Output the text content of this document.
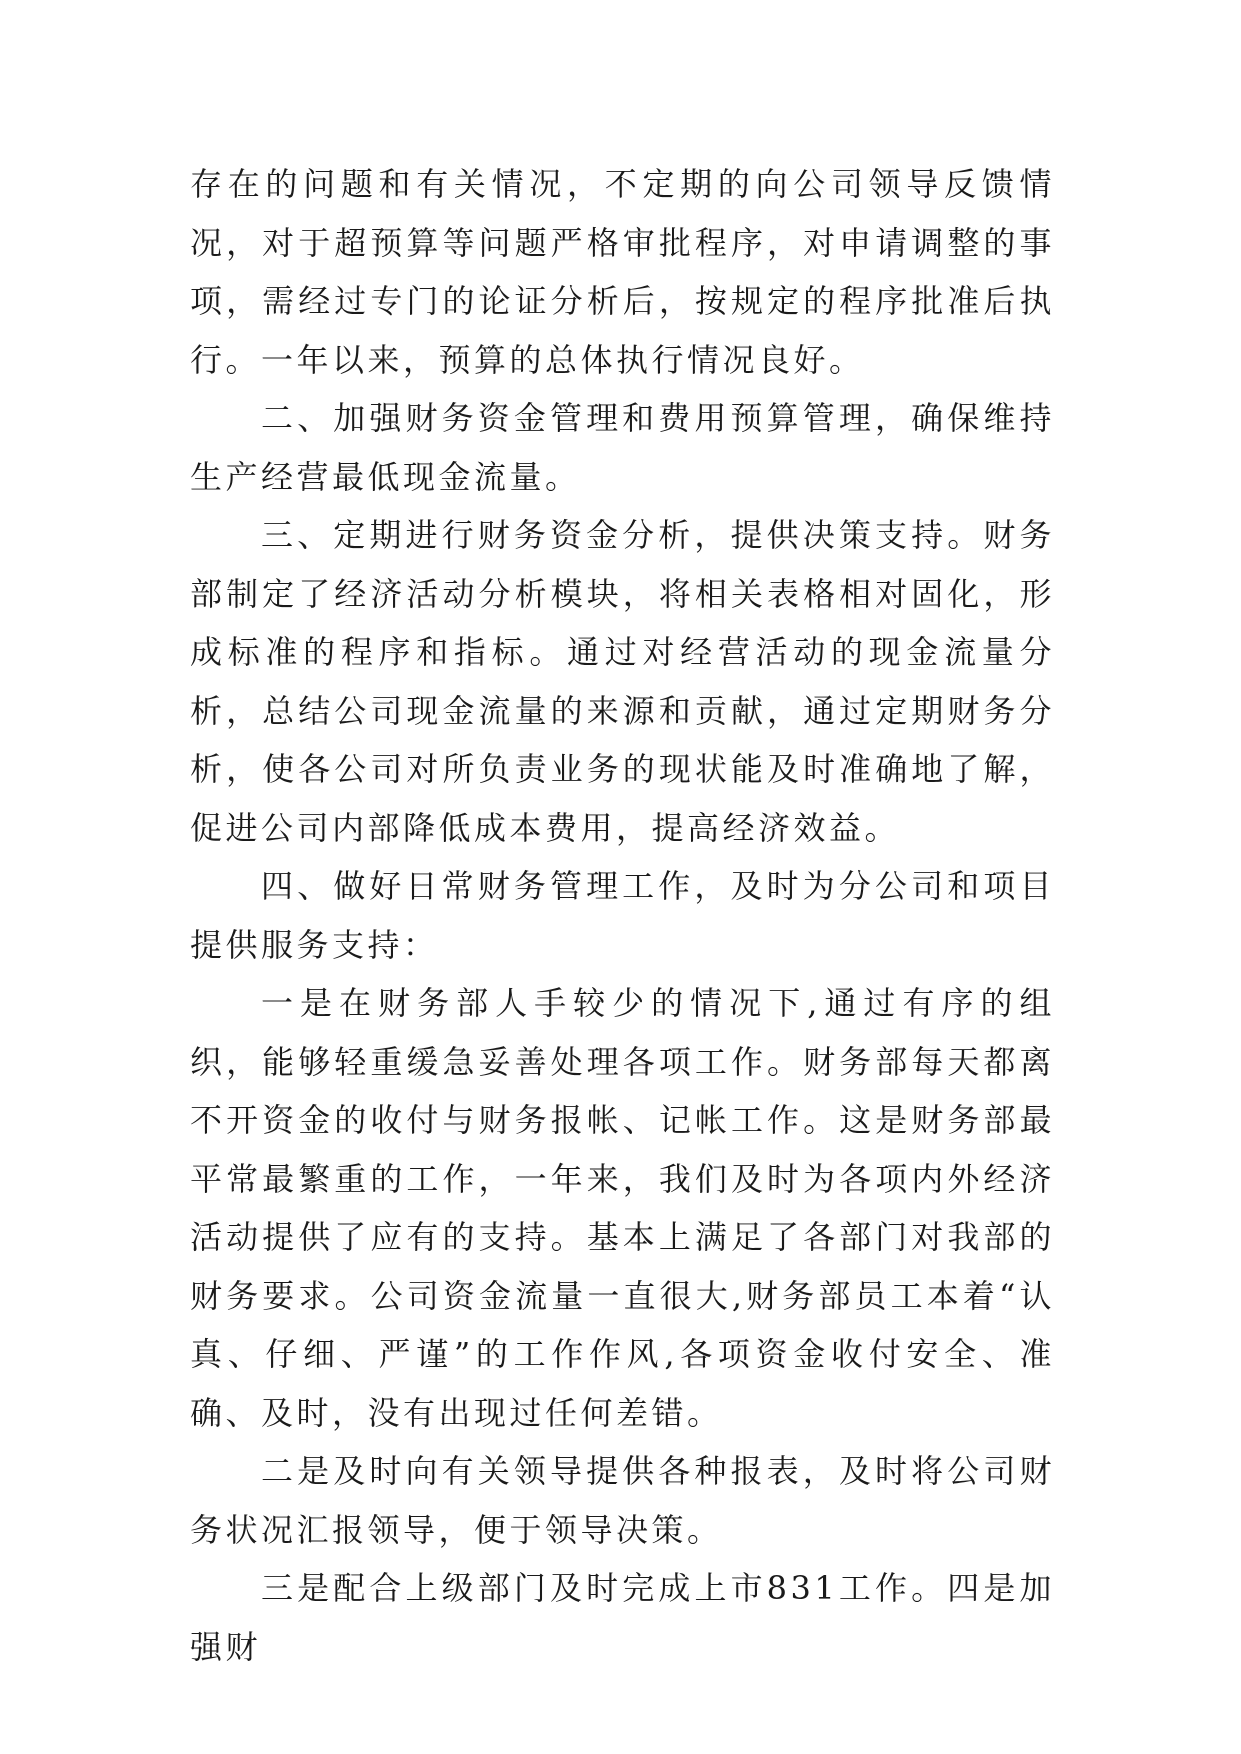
存在的问题和有关情况，不定期的向公司领导反馈情况，对于超预算等问题严格审批程序，对申请调整的事项，需经过专门的论证分析后，按规定的程序批准后执行。一年以来，预算的总体执行情况良好。

二、加强财务资金管理和费用预算管理，确保维持生产经营最低现金流量。

三、定期进行财务资金分析，提供决策支持。财务部制定了经济活动分析模块，将相关表格相对固化，形成标准的程序和指标。通过对经营活动的现金流量分析，总结公司现金流量的来源和贡献，通过定期财务分析，使各公司对所负责业务的现状能及时准确地了解，促进公司内部降低成本费用，提高经济效益。

四、做好日常财务管理工作，及时为分公司和项目提供服务支持：

一是在财务部人手较少的情况下,通过有序的组织，能够轻重缓急妥善处理各项工作。财务部每天都离不开资金的收付与财务报帐、记帐工作。这是财务部最平常最繁重的工作，一年来，我们及时为各项内外经济活动提供了应有的支持。基本上满足了各部门对我部的财务要求。公司资金流量一直很大,财务部员工本着“认真、仔细、严谨”的工作作风,各项资金收付安全、准确、及时，没有出现过任何差错。

二是及时向有关领导提供各种报表，及时将公司财务状况汇报领导，便于领导决策。

三是配合上级部门及时完成上市831工作。四是加强财
